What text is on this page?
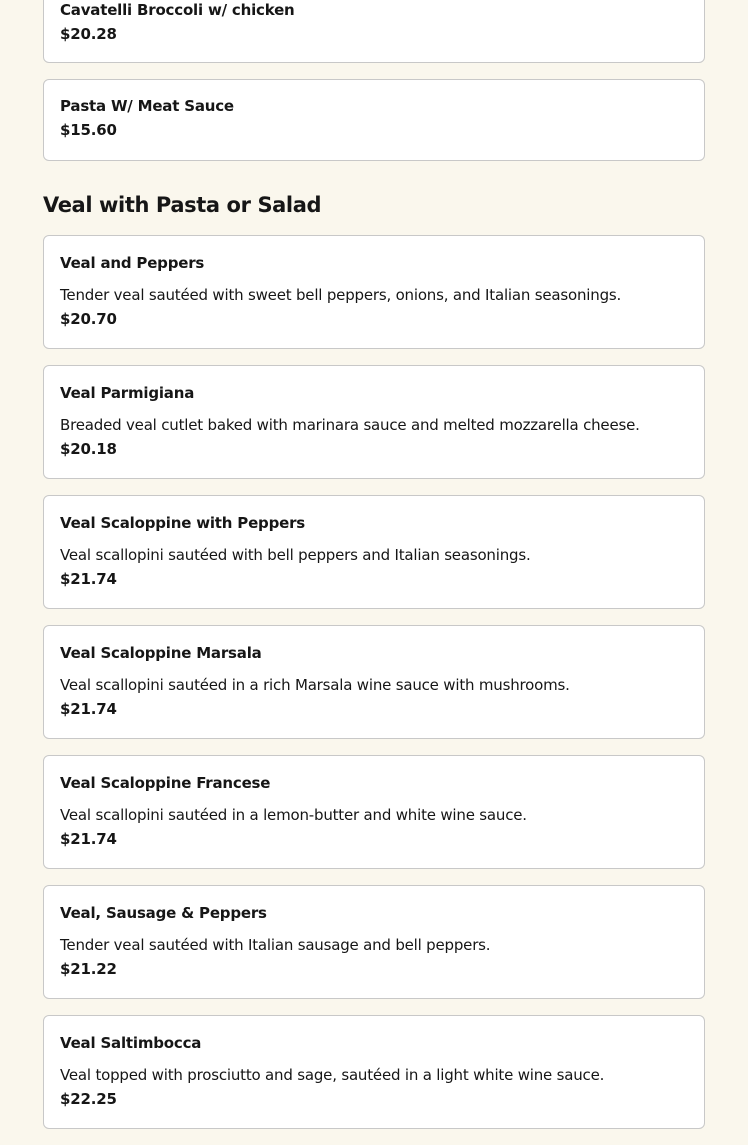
Cavatelli Broccoli w/ chicken
$20.28
Pasta W/ Meat Sauce
$15.60
Veal with Pasta or Salad
Veal and Peppers
Tender veal sautéed with sweet bell peppers, onions, and Italian seasonings.
$20.70
Veal Parmigiana
Breaded veal cutlet baked with marinara sauce and melted mozzarella cheese.
$20.18
Veal Scaloppine with Peppers
Veal scallopini sautéed with bell peppers and Italian seasonings.
$21.74
Veal Scaloppine Marsala
Veal scallopini sautéed in a rich Marsala wine sauce with mushrooms.
$21.74
Veal Scaloppine Francese
Veal scallopini sautéed in a lemon-butter and white wine sauce.
$21.74
Veal, Sausage & Peppers
Tender veal sautéed with Italian sausage and bell peppers.
$21.22
Veal Saltimbocca
Veal topped with prosciutto and sage, sautéed in a light white wine sauce.
$22.25
